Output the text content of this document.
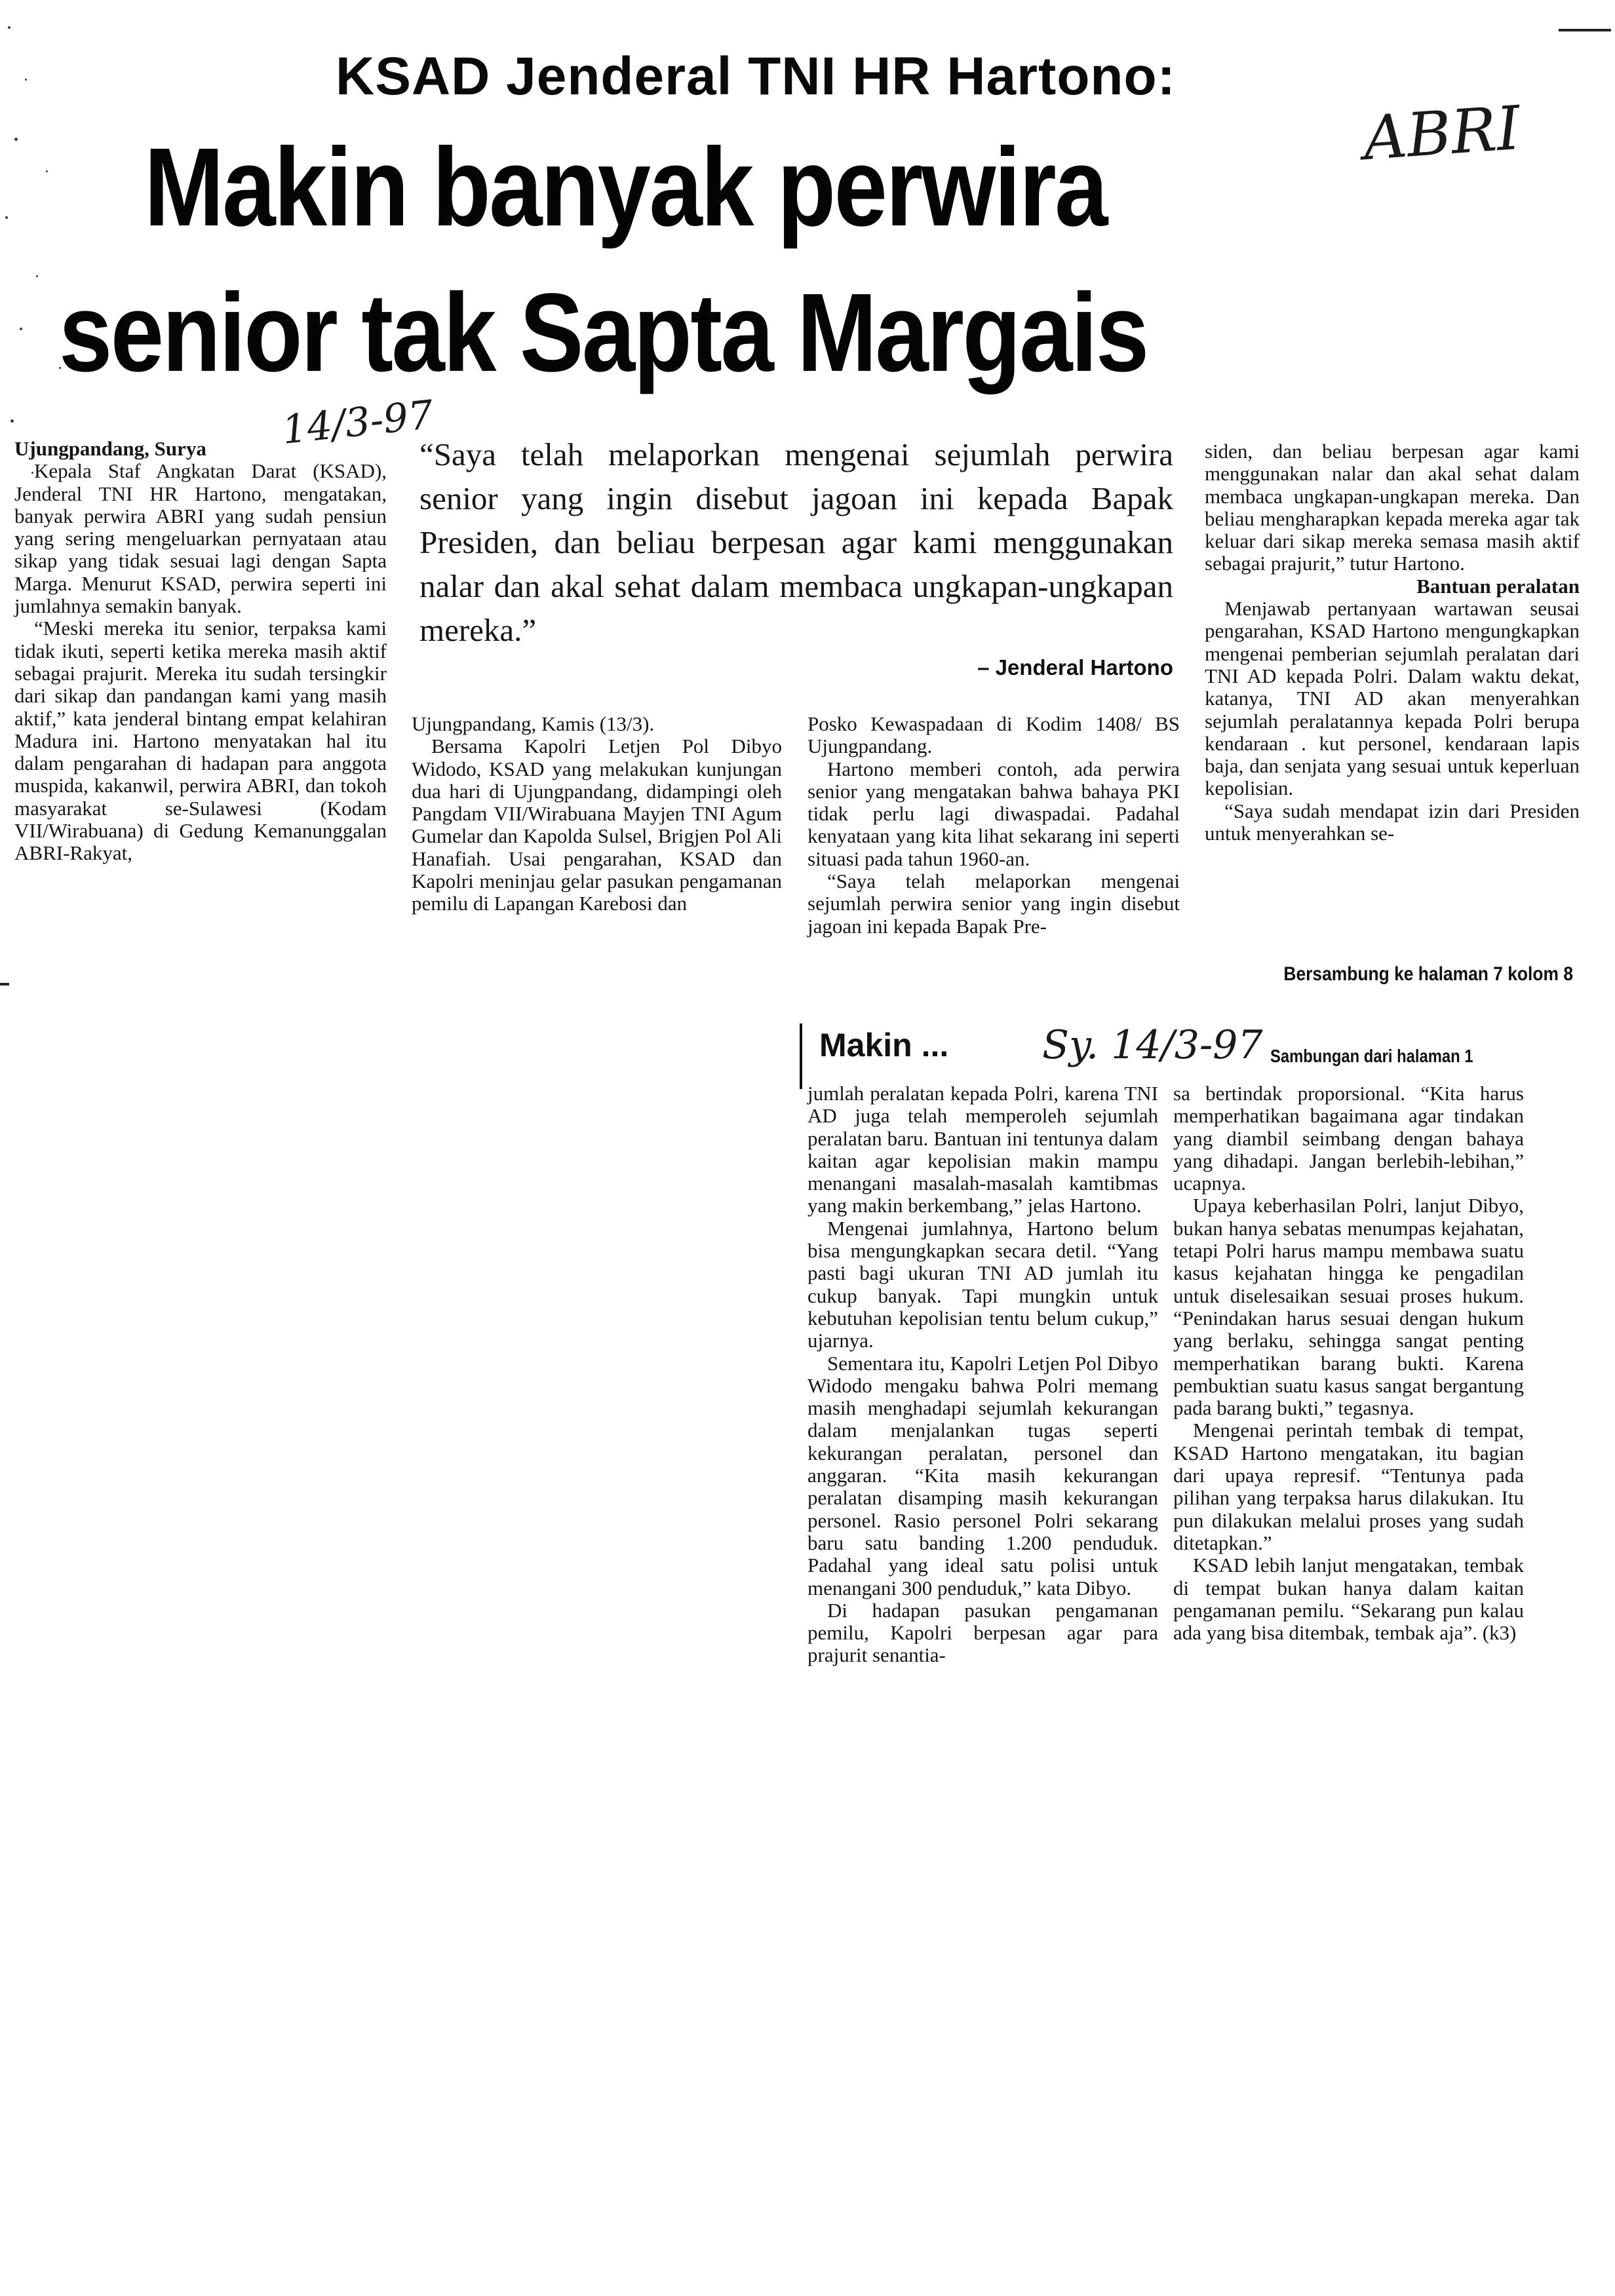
KSAD Jenderal TNI HR Hartono:
ABRI
Makin banyak perwira
senior tak Sapta Margais
14/3-97

Ujungpandang, Surya

Kepala Staf Angkatan Darat (KSAD), Jenderal TNI HR Hartono, mengatakan, banyak perwira ABRI yang sudah pensiun yang sering mengeluarkan pernyataan atau sikap yang tidak sesuai lagi dengan Sapta Marga. Menurut KSAD, perwira seperti ini jumlahnya semakin banyak.

“Meski mereka itu senior, terpaksa kami tidak ikuti, seperti ketika mereka masih aktif sebagai prajurit. Mereka itu sudah tersingkir dari sikap dan pandangan kami yang masih aktif,” kata jenderal bintang empat kelahiran Madura ini. Hartono menyatakan hal itu dalam pengarahan di hadapan para anggota muspida, kakanwil, perwira ABRI, dan tokoh masyarakat se-Sulawesi (Kodam VII/Wirabuana) di Gedung Kemanunggalan ABRI-Rakyat,

“Saya telah melaporkan mengenai sejumlah perwira senior yang ingin disebut jagoan ini kepada Bapak Presiden, dan beliau berpesan agar kami menggunakan nalar dan akal sehat dalam membaca ungkapan-ungkapan mereka.”
– Jenderal Hartono

Ujungpandang, Kamis (13/3).

Bersama Kapolri Letjen Pol Dibyo Widodo, KSAD yang melakukan kunjungan dua hari di Ujungpandang, didampingi oleh Pangdam VII/Wirabuana Mayjen TNI Agum Gumelar dan Kapolda Sulsel, Brigjen Pol Ali Hanafiah. Usai pengarahan, KSAD dan Kapolri meninjau gelar pasukan pengamanan pemilu di Lapangan Karebosi dan

Posko Kewaspadaan di Kodim 1408/ BS Ujungpandang.

Hartono memberi contoh, ada perwira senior yang mengatakan bahwa bahaya PKI tidak perlu lagi diwaspadai. Padahal kenyataan yang kita lihat sekarang ini seperti situasi pada tahun 1960-an.

“Saya telah melaporkan mengenai sejumlah perwira senior yang ingin disebut jagoan ini kepada Bapak Pre-

siden, dan beliau berpesan agar kami menggunakan nalar dan akal sehat dalam membaca ungkapan-ungkapan mereka. Dan beliau mengharapkan kepada mereka agar tak keluar dari sikap mereka semasa masih aktif sebagai prajurit,” tutur Hartono.

Bantuan peralatan

Menjawab pertanyaan wartawan seusai pengarahan, KSAD Hartono mengungkapkan mengenai pemberian sejumlah peralatan dari TNI AD kepada Polri. Dalam waktu dekat, katanya, TNI AD akan menyerahkan sejumlah peralatannya kepada Polri berupa kendaraan . kut personel, kendaraan lapis baja, dan senjata yang sesuai untuk keperluan kepolisian.

“Saya sudah mendapat izin dari Presiden untuk menyerahkan se-

Bersambung ke halaman 7 kolom 8
Makin ... Sy. 14/3-97 Sambungan dari halaman 1

jumlah peralatan kepada Polri, karena TNI AD juga telah memperoleh sejumlah peralatan baru. Bantuan ini tentunya dalam kaitan agar kepolisian makin mampu menangani masalah-masalah kamtibmas yang makin berkembang,” jelas Hartono.

Mengenai jumlahnya, Hartono belum bisa mengungkapkan secara detil. “Yang pasti bagi ukuran TNI AD jumlah itu cukup banyak. Tapi mungkin untuk kebutuhan kepolisian tentu belum cukup,” ujarnya.

Sementara itu, Kapolri Letjen Pol Dibyo Widodo mengaku bahwa Polri memang masih menghadapi sejumlah kekurangan dalam menjalankan tugas seperti kekurangan peralatan, personel dan anggaran. “Kita masih kekurangan peralatan disamping masih kekurangan personel. Rasio personel Polri sekarang baru satu banding 1.200 penduduk. Padahal yang ideal satu polisi untuk menangani 300 penduduk,” kata Dibyo.

Di hadapan pasukan pengamanan pemilu, Kapolri berpesan agar para prajurit senantia-

sa bertindak proporsional. “Kita harus memperhatikan bagaimana agar tindakan yang diambil seimbang dengan bahaya yang dihadapi. Jangan berlebih-lebihan,” ucapnya.

Upaya keberhasilan Polri, lanjut Dibyo, bukan hanya sebatas menumpas kejahatan, tetapi Polri harus mampu membawa suatu kasus kejahatan hingga ke pengadilan untuk diselesaikan sesuai proses hukum. “Penindakan harus sesuai dengan hukum yang berlaku, sehingga sangat penting memperhatikan barang bukti. Karena pembuktian suatu kasus sangat bergantung pada barang bukti,” tegasnya.

Mengenai perintah tembak di tempat, KSAD Hartono mengatakan, itu bagian dari upaya represif. “Tentunya pada pilihan yang terpaksa harus dilakukan. Itu pun dilakukan melalui proses yang sudah ditetapkan.”

KSAD lebih lanjut mengatakan, tembak di tempat bukan hanya dalam kaitan pengamanan pemilu. “Sekarang pun kalau ada yang bisa ditembak, tembak aja”. (k3)
